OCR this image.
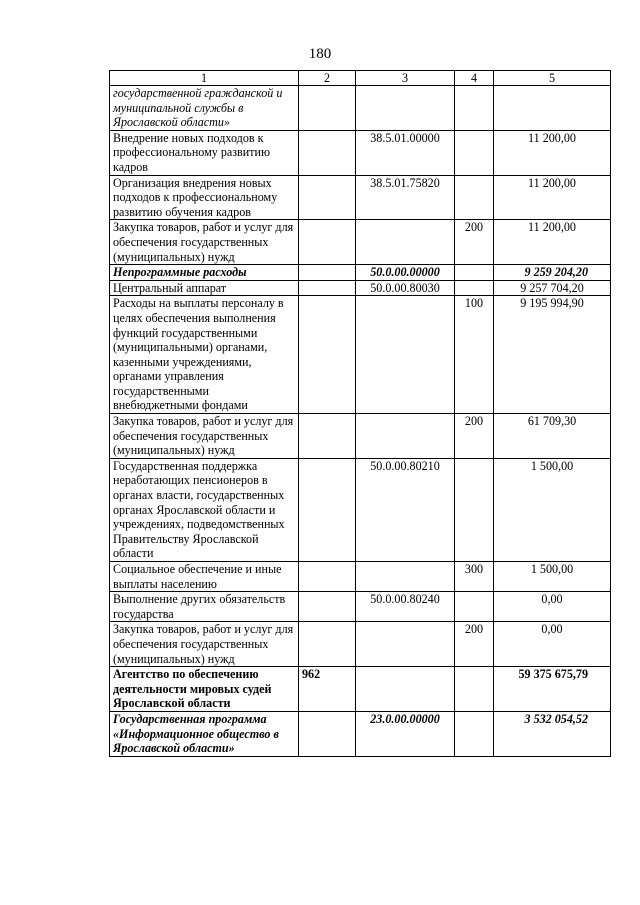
180
1	2	3	4	5
государственной гражданской и муниципальной службы в Ярославской области»				
Внедрение новых подходов к профессиональному развитию кадров		38.5.01.00000		11 200,00
Организация внедрения новых подходов к профессиональному развитию обучения кадров		38.5.01.75820		11 200,00
Закупка товаров, работ и услуг для обеспечения государственных (муниципальных) нужд			200	11 200,00
Непрограммные расходы		50.0.00.00000		9 259 204,20
Центральный аппарат		50.0.00.80030		9 257 704,20
Расходы на выплаты персоналу в целях обеспечения выполнения функций государственными (муниципальными) органами, казенными учреждениями, органами управления государственными внебюджетными фондами			100	9 195 994,90
Закупка товаров, работ и услуг для обеспечения государственных (муниципальных) нужд			200	61 709,30
Государственная поддержка неработающих пенсионеров в органах власти, государственных органах Ярославской области и учреждениях, подведомственных Правительству Ярославской области		50.0.00.80210		1 500,00
Социальное обеспечение и иные выплаты населению			300	1 500,00
Выполнение других обязательств государства		50.0.00.80240		0,00
Закупка товаров, работ и услуг для обеспечения государственных (муниципальных) нужд			200	0,00
Агентство по обеспечению деятельности мировых судей Ярославской области	962			59 375 675,79
Государственная программа «Информационное общество в Ярославской области»		23.0.00.00000		3 532 054,52
